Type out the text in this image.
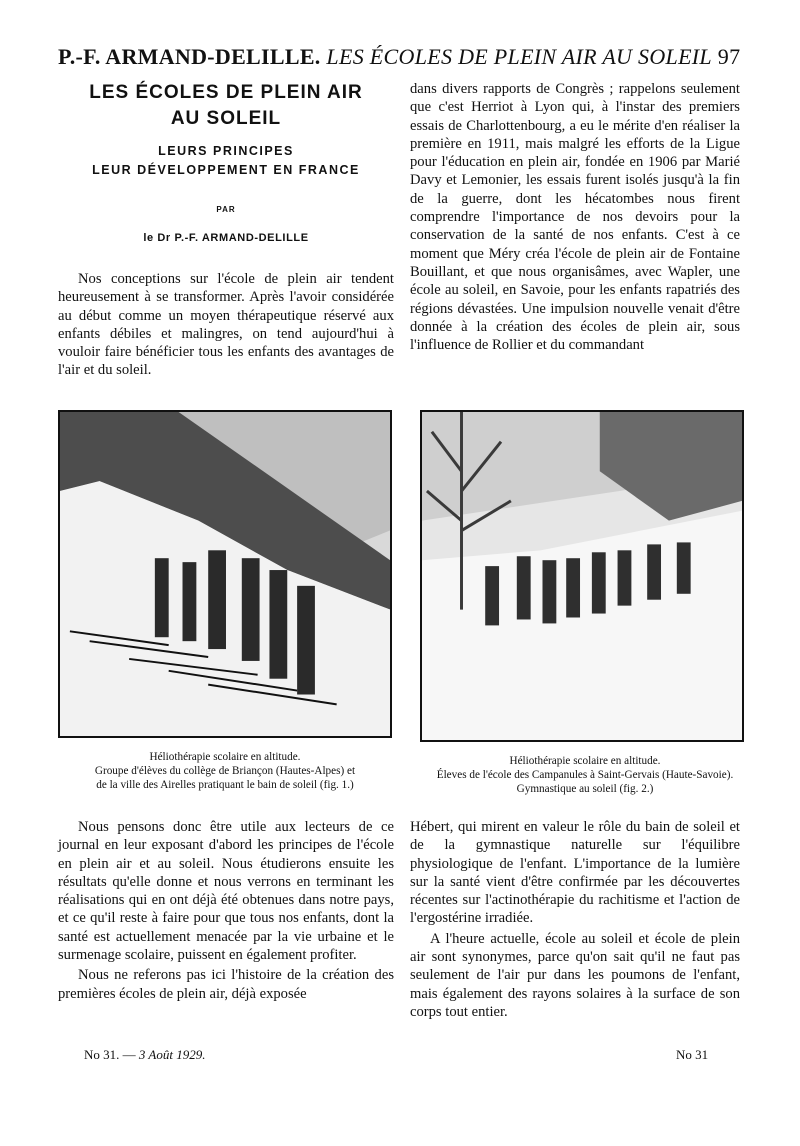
P.-F. ARMAND-DELILLE. LES ÉCOLES DE PLEIN AIR AU SOLEIL 97
LES ÉCOLES DE PLEIN AIR
AU SOLEIL
LEURS PRINCIPES
LEUR DÉVELOPPEMENT EN FRANCE
PAR
le Dr P.-F. ARMAND-DELILLE

Nos conceptions sur l'école de plein air tendent heureusement à se transformer. Après l'avoir considérée au début comme un moyen thérapeutique réservé aux enfants débiles et malingres, on tend aujourd'hui à vouloir faire bénéficier tous les enfants des avantages de l'air et du soleil.

dans divers rapports de Congrès ; rappelons seulement que c'est Herriot à Lyon qui, à l'instar des premiers essais de Charlottenbourg, a eu le mérite d'en réaliser la première en 1911, mais malgré les efforts de la Ligue pour l'éducation en plein air, fondée en 1906 par Marié Davy et Lemonier, les essais furent isolés jusqu'à la fin de la guerre, dont les hécatombes nous firent comprendre l'importance de nos devoirs pour la conservation de la santé de nos enfants. C'est à ce moment que Méry créa l'école de plein air de Fontaine Bouillant, et que nous organisâmes, avec Wapler, une école au soleil, en Savoie, pour les enfants rapatriés des régions dévastées. Une impulsion nouvelle venait d'être donnée à la création des écoles de plein air, sous l'influence de Rollier et du commandant

Héliothérapie scolaire en altitude.
Groupe d'élèves du collège de Briançon (Hautes-Alpes) et
de la ville des Airelles pratiquant le bain de soleil (fig. 1.)
Héliothérapie scolaire en altitude.
Éleves de l'école des Campanules à Saint-Gervais (Haute-Savoie).
Gymnastique au soleil (fig. 2.)

Nous pensons donc être utile aux lecteurs de ce journal en leur exposant d'abord les principes de l'école en plein air et au soleil. Nous étudierons ensuite les résultats qu'elle donne et nous verrons en terminant les réalisations qui en ont déjà été obtenues dans notre pays, et ce qu'il reste à faire pour que tous nos enfants, dont la santé est actuellement menacée par la vie urbaine et le surmenage scolaire, puissent en également profiter.

Nous ne referons pas ici l'histoire de la création des premières écoles de plein air, déjà exposée

Hébert, qui mirent en valeur le rôle du bain de soleil et de la gymnastique naturelle sur l'équilibre physiologique de l'enfant. L'importance de la lumière sur la santé vient d'être confirmée par les découvertes récentes sur l'actinothérapie du rachitisme et l'action de l'ergostérine irradiée.

A l'heure actuelle, école au soleil et école de plein air sont synonymes, parce qu'on sait qu'il ne faut pas seulement de l'air pur dans les poumons de l'enfant, mais également des rayons solaires à la surface de son corps tout entier.

No 31. — 3 Août 1929.	No 31
